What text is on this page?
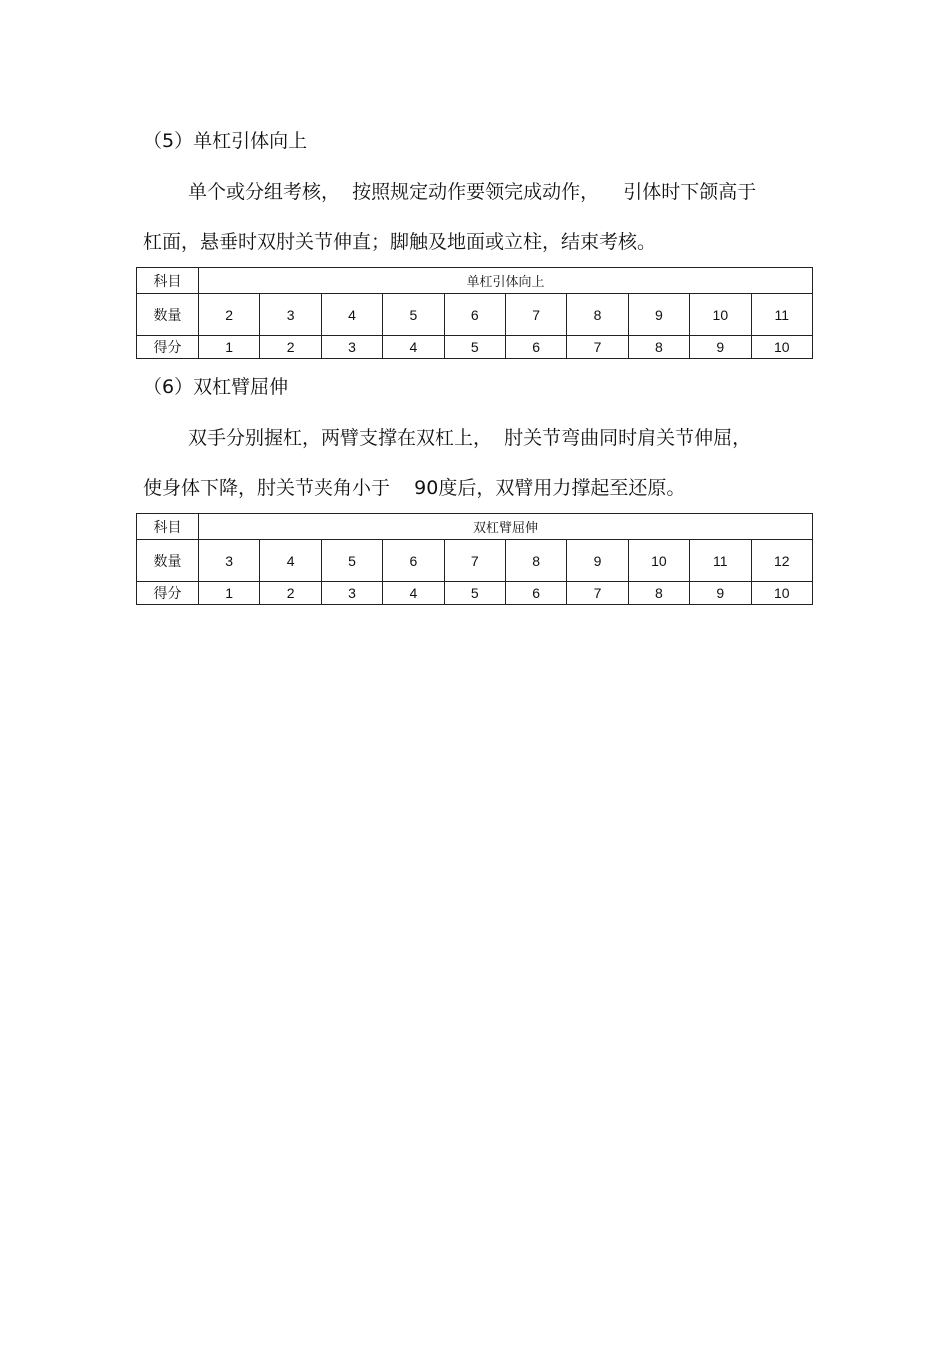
（5）单杠引体向上
单个或分组考核，  按照规定动作要领完成动作，    引体时下颌高于
杠面，悬垂时双肘关节伸直；脚触及地面或立柱，结束考核。
科目	单杠引体向上									
数量	2	3	4	5	6	7	8	9	10	11
得分	1	2	3	4	5	6	7	8	9	10
（6）双杠臂屈伸
双手分别握杠，两臂支撑在双杠上，  肘关节弯曲同时肩关节伸屈，
使身体下降，肘关节夹角小于    90度后，双臂用力撑起至还原。
科目	双杠臂屈伸									
数量	3	4	5	6	7	8	9	10	11	12
得分	1	2	3	4	5	6	7	8	9	10
